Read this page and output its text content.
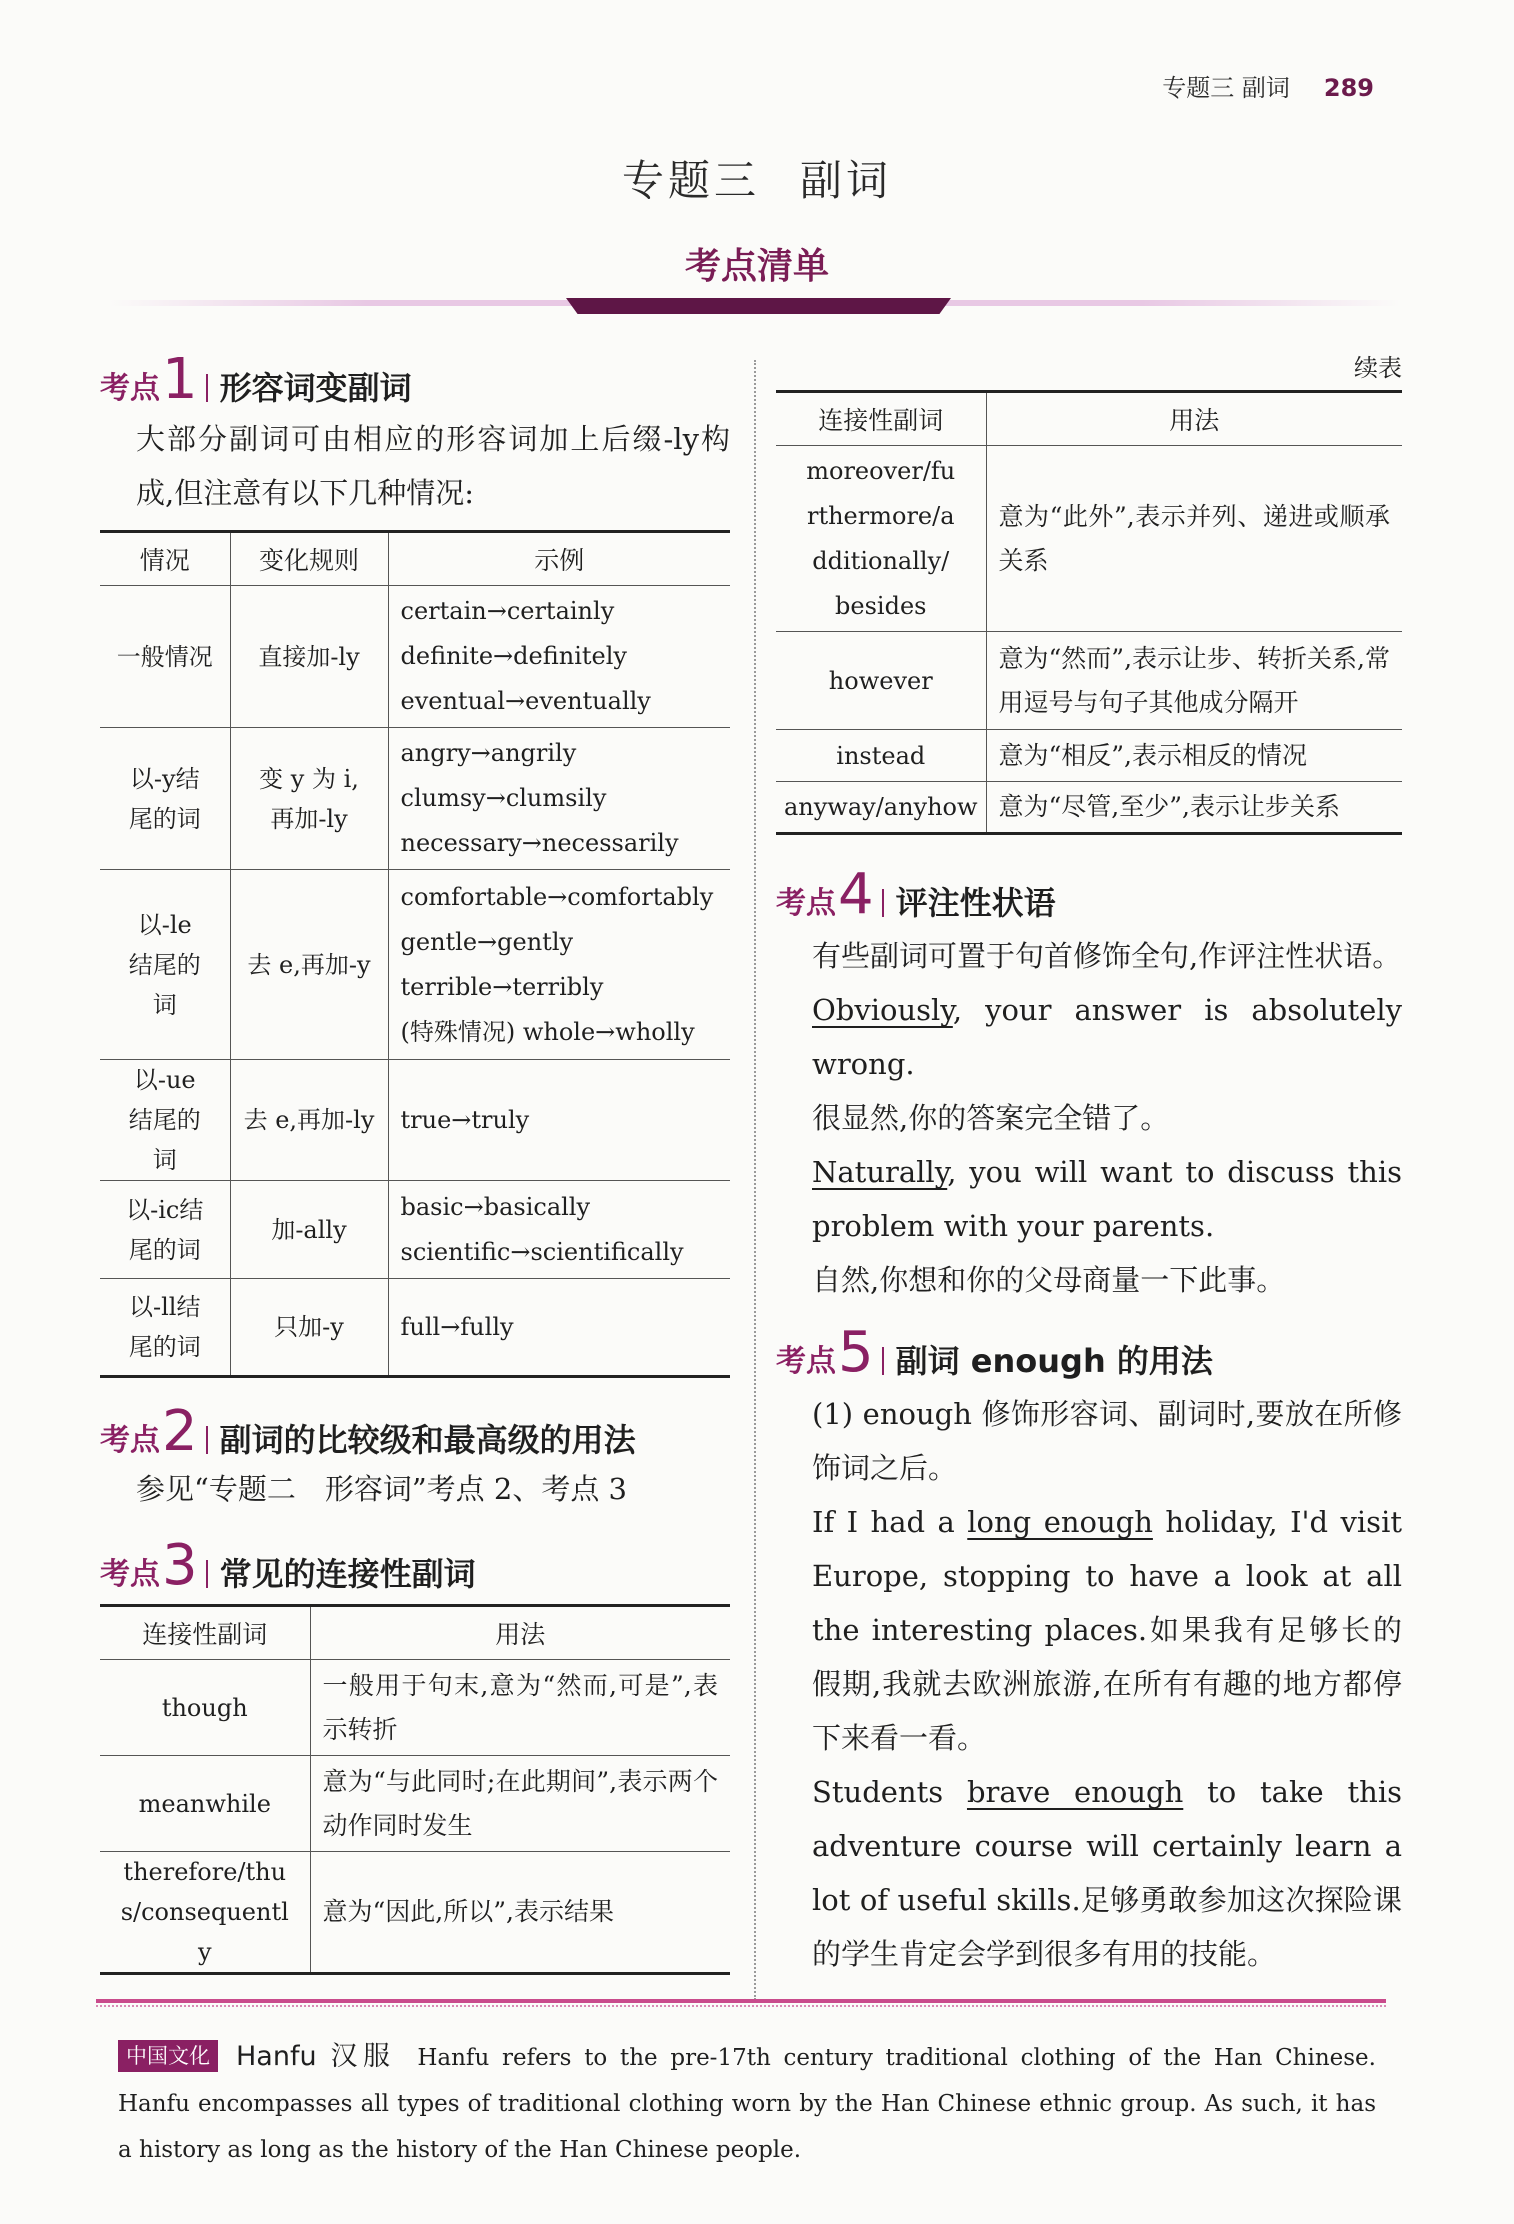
专题三 副词 289
专题三 副词
考点清单
考点 1 形容词变副词
大部分副词可由相应的形容词加上后缀-ly构成,但注意有以下几种情况:
情况	变化规则	示例
一般情况	直接加-ly	certain→certainly
definite→definitely
eventual→eventually

以-y结尾的词	变 y 为 i,再加-ly	angry→angrily
clumsy→clumsily
necessary→necessarily

以-le结尾的词	去 e,再加-y	comfortable→comfortably
gentle→gently
terrible→terribly
(特殊情况) whole→wholly

以-ue结尾的词	去 e,再加-ly	true→truly

以-ic结尾的词	加-ally	basic→basically
scientific→scientifically

以-ll结尾的词	只加-y	full→fully
考点 2 副词的比较级和最高级的用法
参见“专题二　形容词”考点 2、考点 3
考点 3 常见的连接性副词
连接性副词	用法
though	一般用于句末,意为“然而,可是”,表示转折
meanwhile	意为“与此同时;在此期间”,表示两个动作同时发生
therefore/thus/consequently	意为“因此,所以”,表示结果
续表
连接性副词	用法
moreover/furthermore/additionally/besides	意为“此外”,表示并列、递进或顺承关系
however	意为“然而”,表示让步、转折关系,常用逗号与句子其他成分隔开
instead	意为“相反”,表示相反的情况
anyway/anyhow	意为“尽管,至少”,表示让步关系
考点 4 评注性状语
有些副词可置于句首修饰全句,作评注性状语。
Obviously, your answer is absolutely wrong.
很显然,你的答案完全错了。
Naturally, you will want to discuss this problem with your parents.
自然,你想和你的父母商量一下此事。
考点 5 副词 enough 的用法
(1) enough 修饰形容词、副词时,要放在所修饰词之后。
If I had a long enough holiday, I'd visit Europe, stopping to have a look at all the interesting places.如果我有足够长的假期,我就去欧洲旅游,在所有有趣的地方都停下来看一看。
Students brave enough to take this adventure course will certainly learn a lot of useful skills.足够勇敢参加这次探险课的学生肯定会学到很多有用的技能。
中国文化 Hanfu 汉服 Hanfu refers to the pre-17th century traditional clothing of the Han Chinese. Hanfu encompasses all types of traditional clothing worn by the Han Chinese ethnic group. As such, it has a history as long as the history of the Han Chinese people.
